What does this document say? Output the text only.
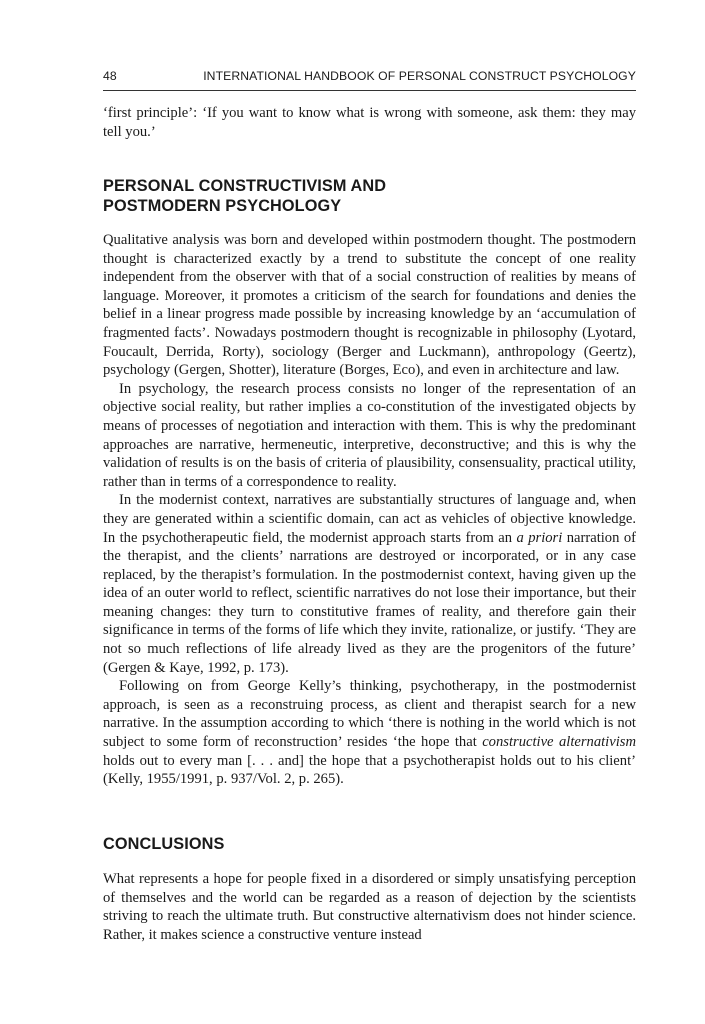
48	INTERNATIONAL HANDBOOK OF PERSONAL CONSTRUCT PSYCHOLOGY

‘first principle’: ‘If you want to know what is wrong with someone, ask them: they may tell you.’

PERSONAL CONSTRUCTIVISM AND
POSTMODERN PSYCHOLOGY

Qualitative analysis was born and developed within postmodern thought. The postmodern thought is characterized exactly by a trend to substitute the concept of one reality independent from the observer with that of a social construction of realities by means of language. Moreover, it promotes a criticism of the search for foundations and denies the belief in a linear progress made possible by increasing knowledge by an ‘accumulation of fragmented facts’. Nowadays postmodern thought is recognizable in philosophy (Lyotard, Foucault, Derrida, Rorty), sociology (Berger and Luckmann), anthropology (Geertz), psychology (Gergen, Shotter), literature (Borges, Eco), and even in architecture and law.

In psychology, the research process consists no longer of the representation of an objective social reality, but rather implies a co-constitution of the investigated objects by means of processes of negotiation and interaction with them. This is why the predominant approaches are narrative, hermeneutic, interpretive, deconstructive; and this is why the validation of results is on the basis of criteria of plausibility, consensuality, practical utility, rather than in terms of a correspondence to reality.

In the modernist context, narratives are substantially structures of language and, when they are generated within a scientific domain, can act as vehicles of objective knowledge. In the psychotherapeutic field, the modernist approach starts from an a priori narration of the therapist, and the clients’ narrations are destroyed or incorporated, or in any case replaced, by the therapist’s formulation. In the postmodernist context, having given up the idea of an outer world to reflect, scientific narratives do not lose their importance, but their meaning changes: they turn to constitutive frames of reality, and therefore gain their significance in terms of the forms of life which they invite, rationalize, or justify. ‘They are not so much reflections of life already lived as they are the progenitors of the future’ (Gergen & Kaye, 1992, p. 173).

Following on from George Kelly’s thinking, psychotherapy, in the postmodernist approach, is seen as a reconstruing process, as client and therapist search for a new narrative. In the assumption according to which ‘there is nothing in the world which is not subject to some form of reconstruction’ resides ‘the hope that constructive alternativism holds out to every man [. . . and] the hope that a psychotherapist holds out to his client’ (Kelly, 1955/1991, p. 937/Vol. 2, p. 265).

CONCLUSIONS

What represents a hope for people fixed in a disordered or simply unsatisfying perception of themselves and the world can be regarded as a reason of dejection by the scientists striving to reach the ultimate truth. But constructive alternativism does not hinder science. Rather, it makes science a constructive venture instead
